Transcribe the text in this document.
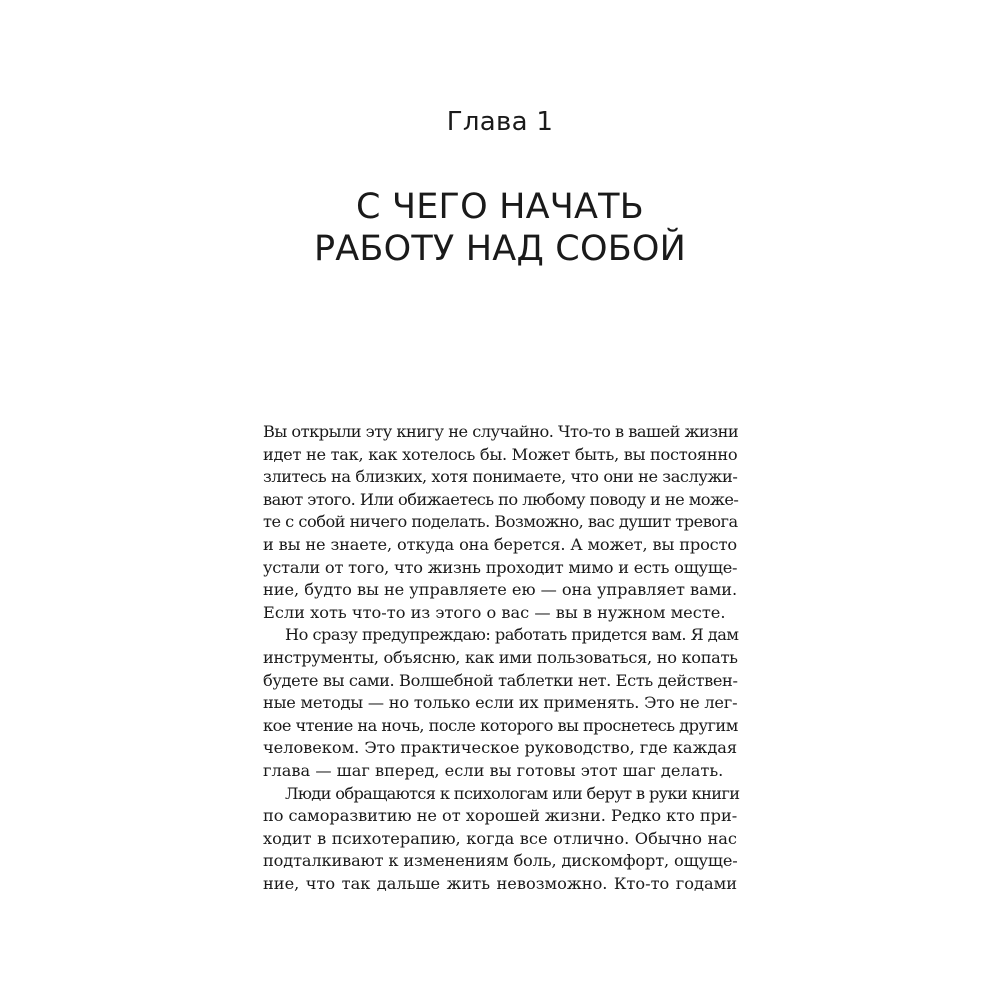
Глава 1
С ЧЕГО НАЧАТЬ
РАБОТУ НАД СОБОЙ
Вы открыли эту книгу не случайно. Что-то в вашей жизни
идет не так, как хотелось бы. Может быть, вы постоянно
злитесь на близких, хотя понимаете, что они не заслужи-
вают этого. Или обижаетесь по любому поводу и не може-
те с собой ничего поделать. Возможно, вас душит тревога
и вы не знаете, откуда она берется. А может, вы просто
устали от того, что жизнь проходит мимо и есть ощуще-
ние, будто вы не управляете ею — она управляет вами.
Если хоть что-то из этого о вас — вы в нужном месте.
Но сразу предупреждаю: работать придется вам. Я дам
инструменты, объясню, как ими пользоваться, но копать
будете вы сами. Волшебной таблетки нет. Есть действен-
ные методы — но только если их применять. Это не лег-
кое чтение на ночь, после которого вы проснетесь другим
человеком. Это практическое руководство, где каждая
глава — шаг вперед, если вы готовы этот шаг делать.
Люди обращаются к психологам или берут в руки книги
по саморазвитию не от хорошей жизни. Редко кто при-
ходит в психотерапию, когда все отлично. Обычно нас
подталкивают к изменениям боль, дискомфорт, ощуще-
ние, что так дальше жить невозможно. Кто-то годами
